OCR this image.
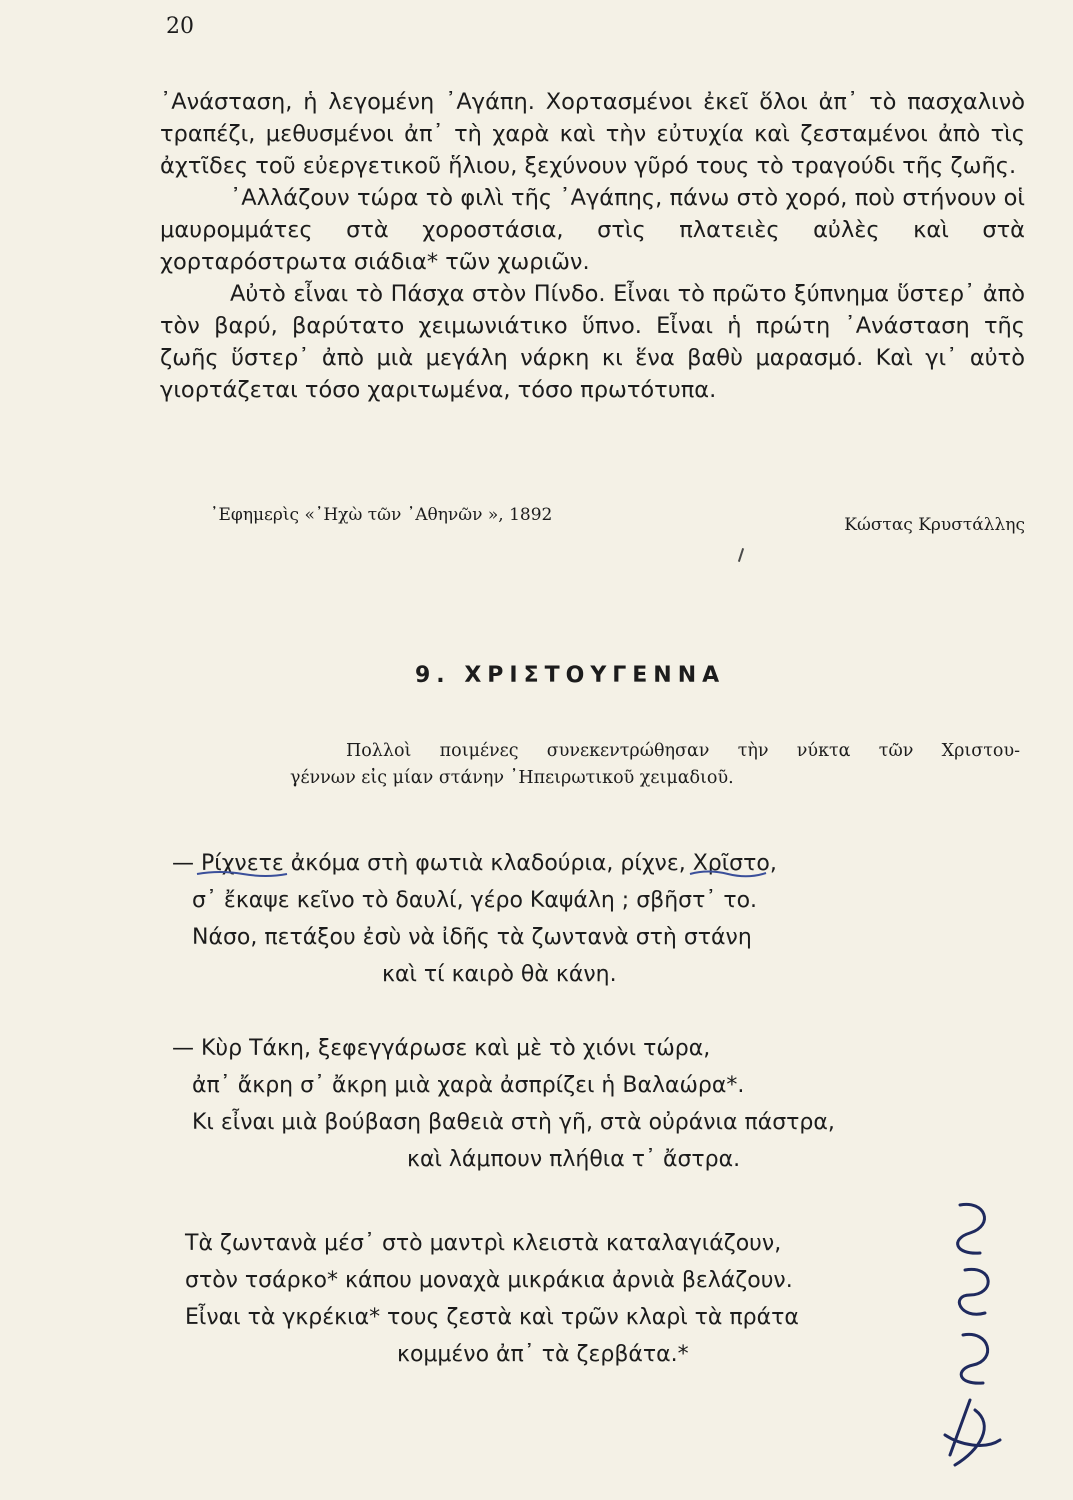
20

᾿Ανάσταση, ἡ λεγομένη ᾿Αγάπη. Χορτασμένοι ἐκεῖ ὅλοι ἀπ᾿ τὸ πασχαλινὸ τραπέζι, μεθυσμένοι ἀπ᾿ τὴ χαρὰ καὶ τὴν εὐτυχία καὶ ζεσταμένοι ἀπὸ τὶς ἀχτῖδες τοῦ εὐεργετικοῦ ἥλιου, ξεχύνουν γῦρό τους τὸ τραγούδι τῆς ζωῆς.

᾿Αλλάζουν τώρα τὸ φιλὶ τῆς ᾿Αγάπης, πάνω στὸ χορό, ποὺ στήνουν οἱ μαυρομμάτες στὰ χοροστάσια, στὶς πλατειὲς αὐλὲς καὶ στὰ χορταρόστρωτα σιάδια* τῶν χωριῶν.

Αὐτὸ εἶναι τὸ Πάσχα στὸν Πίνδο. Εἶναι τὸ πρῶτο ξύπνημα ὕστερ᾿ ἀπὸ τὸν βαρύ, βαρύτατο χειμωνιάτικο ὕπνο. Εἶναι ἡ πρώτη ᾿Ανάσταση τῆς ζωῆς ὕστερ᾿ ἀπὸ μιὰ μεγάλη νάρκη κι ἕνα βαθὺ μαρασμό. Καὶ γι᾿ αὐτὸ γιορτάζεται τόσο χαριτωμένα, τόσο πρωτότυπα.

᾿Εφημερὶς «᾿Ηχὼ τῶν ᾿Αθηνῶν », 1892	Κώστας Κρυστάλλης
9. ΧΡΙΣΤΟΥΓΕΝΝΑ
Πολλοὶ ποιμένες συνεκεντρώθησαν τὴν νύκτα τῶν Χριστου-
γέννων εἰς μίαν στάνην ᾿Ηπειρωτικοῦ χειμαδιοῦ.
— Ρίχνετε ἀκόμα στὴ φωτιὰ κλαδούρια, ρίχνε, Χρῖστο,
σ᾿ ἔκαψε κεῖνο τὸ δαυλί, γέρο Καψάλη ; σβῆστ᾿ το.
Νάσο, πετάξου ἐσὺ νὰ ἰδῆς τὰ ζωντανὰ στὴ στάνη
καὶ τί καιρὸ θὰ κάνη.
— Κὺρ Τάκη, ξεφεγγάρωσε καὶ μὲ τὸ χιόνι τώρα,
ἀπ᾿ ἄκρη σ᾿ ἄκρη μιὰ χαρὰ ἀσπρίζει ἡ Βαλαώρα*.
Κι εἶναι μιὰ βούβαση βαθειὰ στὴ γῆ, στὰ οὐράνια πάστρα,
καὶ λάμπουν πλήθια τ᾿ ἄστρα.
Τὰ ζωντανὰ μέσ᾿ στὸ μαντρὶ κλειστὰ καταλαγιάζουν,
στὸν τσάρκο* κάπου μοναχὰ μικράκια ἀρνιὰ βελάζουν.
Εἶναι τὰ γκρέκια* τους ζεστὰ καὶ τρῶν κλαρὶ τὰ πράτα
κομμένο ἀπ᾿ τὰ ζερβάτα.*
